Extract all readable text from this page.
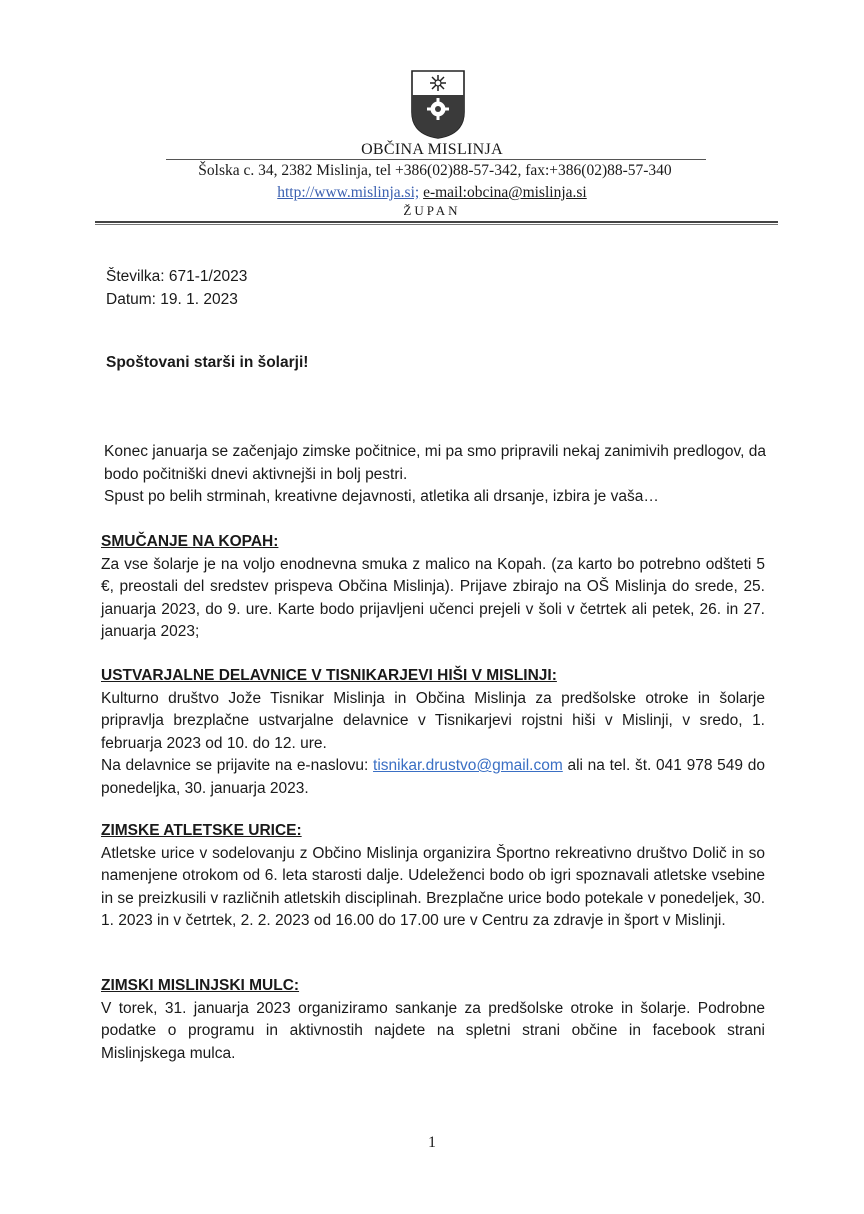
OBČINA MISLINJA
Šolska c. 34, 2382 Mislinja, tel +386(02)88-57-342, fax:+386(02)88-57-340
http://www.mislinja.si; e-mail:obcina@mislinja.si
ŽUPAN
Številka: 671-1/2023
Datum: 19. 1. 2023
Spoštovani starši in šolarji!

Konec januarja se začenjajo zimske počitnice, mi pa smo pripravili nekaj zanimivih predlogov, da bodo počitniški dnevi aktivnejši in bolj pestri.

Spust po belih strminah, kreativne dejavnosti, atletika ali drsanje, izbira je vaša…

SMUČANJE NA KOPAH:

Za vse šolarje je na voljo enodnevna smuka z malico na Kopah. (za karto bo potrebno odšteti 5 €, preostali del sredstev prispeva Občina Mislinja). Prijave zbirajo na OŠ Mislinja do srede, 25. januarja 2023, do 9. ure. Karte bodo prijavljeni učenci prejeli v šoli v četrtek ali petek, 26. in 27. januarja 2023;

USTVARJALNE DELAVNICE V TISNIKARJEVI HIŠI V MISLINJI:

Kulturno društvo Jože Tisnikar Mislinja in Občina Mislinja za predšolske otroke in šolarje pripravlja brezplačne ustvarjalne delavnice v Tisnikarjevi rojstni hiši v Mislinji, v sredo, 1. februarja 2023 od 10. do 12. ure.

Na delavnice se prijavite na e-naslovu: tisnikar.drustvo@gmail.com ali na tel. št. 041 978 549 do ponedeljka, 30. januarja 2023.

ZIMSKE ATLETSKE URICE:

Atletske urice v sodelovanju z Občino Mislinja organizira Športno rekreativno društvo Dolič in so namenjene otrokom od 6. leta starosti dalje. Udeleženci bodo ob igri spoznavali atletske vsebine in se preizkusili v različnih atletskih disciplinah. Brezplačne urice bodo potekale v ponedeljek, 30. 1. 2023 in v četrtek, 2. 2. 2023 od 16.00 do 17.00 ure v Centru za zdravje in šport v Mislinji.

ZIMSKI MISLINJSKI MULC:

V torek, 31. januarja 2023 organiziramo sankanje za predšolske otroke in šolarje. Podrobne podatke o programu in aktivnostih najdete na spletni strani občine in facebook strani Mislinjskega mulca.

1
